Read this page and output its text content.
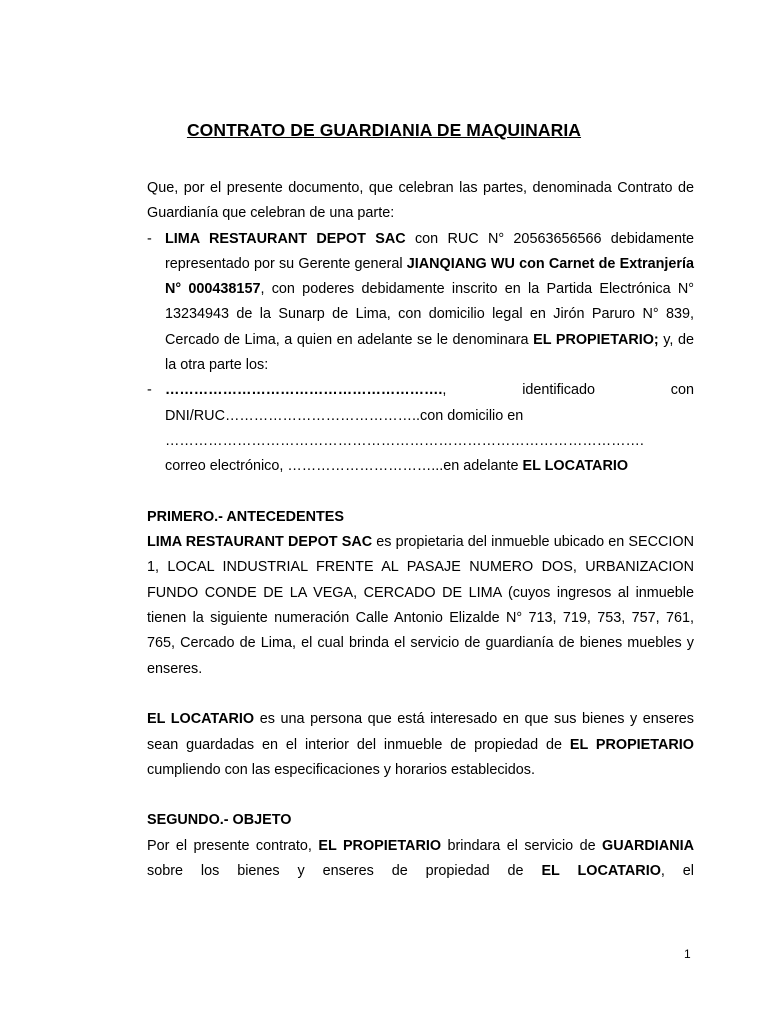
CONTRATO DE GUARDIANIA DE MAQUINARIA

Que, por el presente documento, que celebran las partes, denominada Contrato de Guardianía que celebran de una parte:

- LIMA RESTAURANT DEPOT SAC con RUC N° 20563656566 debidamente representado por su Gerente general JIANQIANG WU con Carnet de Extranjería N° 000438157, con poderes debidamente inscrito en la Partida Electrónica N° 13234943 de la Sunarp de Lima, con domicilio legal en Jirón Paruro N° 839, Cercado de Lima, a quien en adelante se le denominara EL PROPIETARIO; y, de la otra parte los:

- …………………………………………………., identificado con DNI/RUC…………………………………..con domicilio en

……………………………………………………………………………………….

correo electrónico, …………………………...en adelante EL LOCATARIO

PRIMERO.- ANTECEDENTES

LIMA RESTAURANT DEPOT SAC es propietaria del inmueble ubicado en SECCION 1, LOCAL INDUSTRIAL FRENTE AL PASAJE NUMERO DOS, URBANIZACION FUNDO CONDE DE LA VEGA, CERCADO DE LIMA (cuyos ingresos al inmueble tienen la siguiente numeración Calle Antonio Elizalde N° 713, 719, 753, 757, 761, 765, Cercado de Lima, el cual brinda el servicio de guardianía de bienes muebles y enseres.

EL LOCATARIO es una persona que está interesado en que sus bienes y enseres sean guardadas en el interior del inmueble de propiedad de EL PROPIETARIO cumpliendo con las especificaciones y horarios establecidos.

SEGUNDO.- OBJETO

Por el presente contrato, EL PROPIETARIO brindara el servicio de GUARDIANIA sobre los bienes y enseres de propiedad de EL LOCATARIO, el

1
